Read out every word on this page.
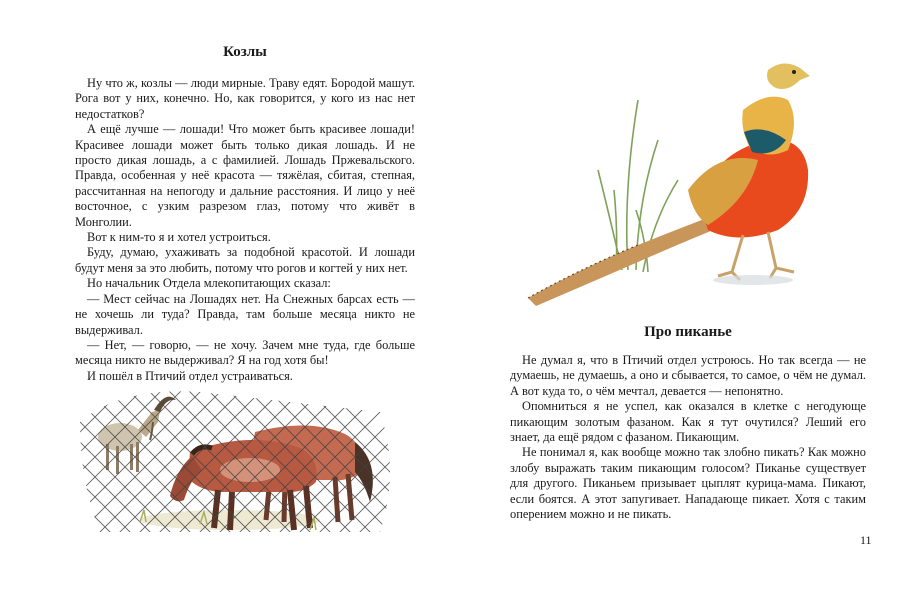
Козлы

Ну что ж, козлы — люди мирные. Траву едят. Бородой машут. Рога вот у них, конечно. Но, как говорится, у кого из нас нет недостатков?

А ещё лучше — лошади! Что может быть красивее лошади! Красивее лошади может быть только дикая лошадь. И не просто дикая лошадь, а с фамилией. Лошадь Пржевальского. Правда, особенная у неё красота — тяжёлая, сбитая, степная, рассчитанная на непогоду и дальние расстояния. И лицо у неё восточное, с узким разрезом глаз, потому что живёт в Монголии.

Вот к ним-то я и хотел устроиться.

Буду, думаю, ухаживать за подобной красотой. И лошади будут меня за это любить, потому что рогов и когтей у них нет.

Но начальник Отдела млекопитающих сказал:

— Мест сейчас на Лошадях нет. На Снежных барсах есть — не хочешь ли туда? Правда, там больше месяца никто не выдерживал.

— Нет, — говорю, — не хочу. Зачем мне туда, где больше месяца никто не выдерживал? Я на год хотя бы!

И пошёл в Птичий отдел устраиваться.

Про пиканье

Не думал я, что в Птичий отдел устроюсь. Но так всегда — не думаешь, не думаешь, а оно и сбывается, то самое, о чём не думал. А вот куда то, о чём мечтал, девается — непонятно.

Опомниться я не успел, как оказался в клетке с негодующе пикающим золотым фазаном. Как я тут очутился? Леший его знает, да ещё рядом с фазаном. Пикающим.

Не понимал я, как вообще можно так злобно пикать? Как можно злобу выражать таким пикающим голосом? Пиканье существует для другого. Пиканьем призывает цыплят курица-мама. Пикают, если боятся. А этот запугивает. Нападающе пикает. Хотя с таким оперением можно и не пикать.

11
